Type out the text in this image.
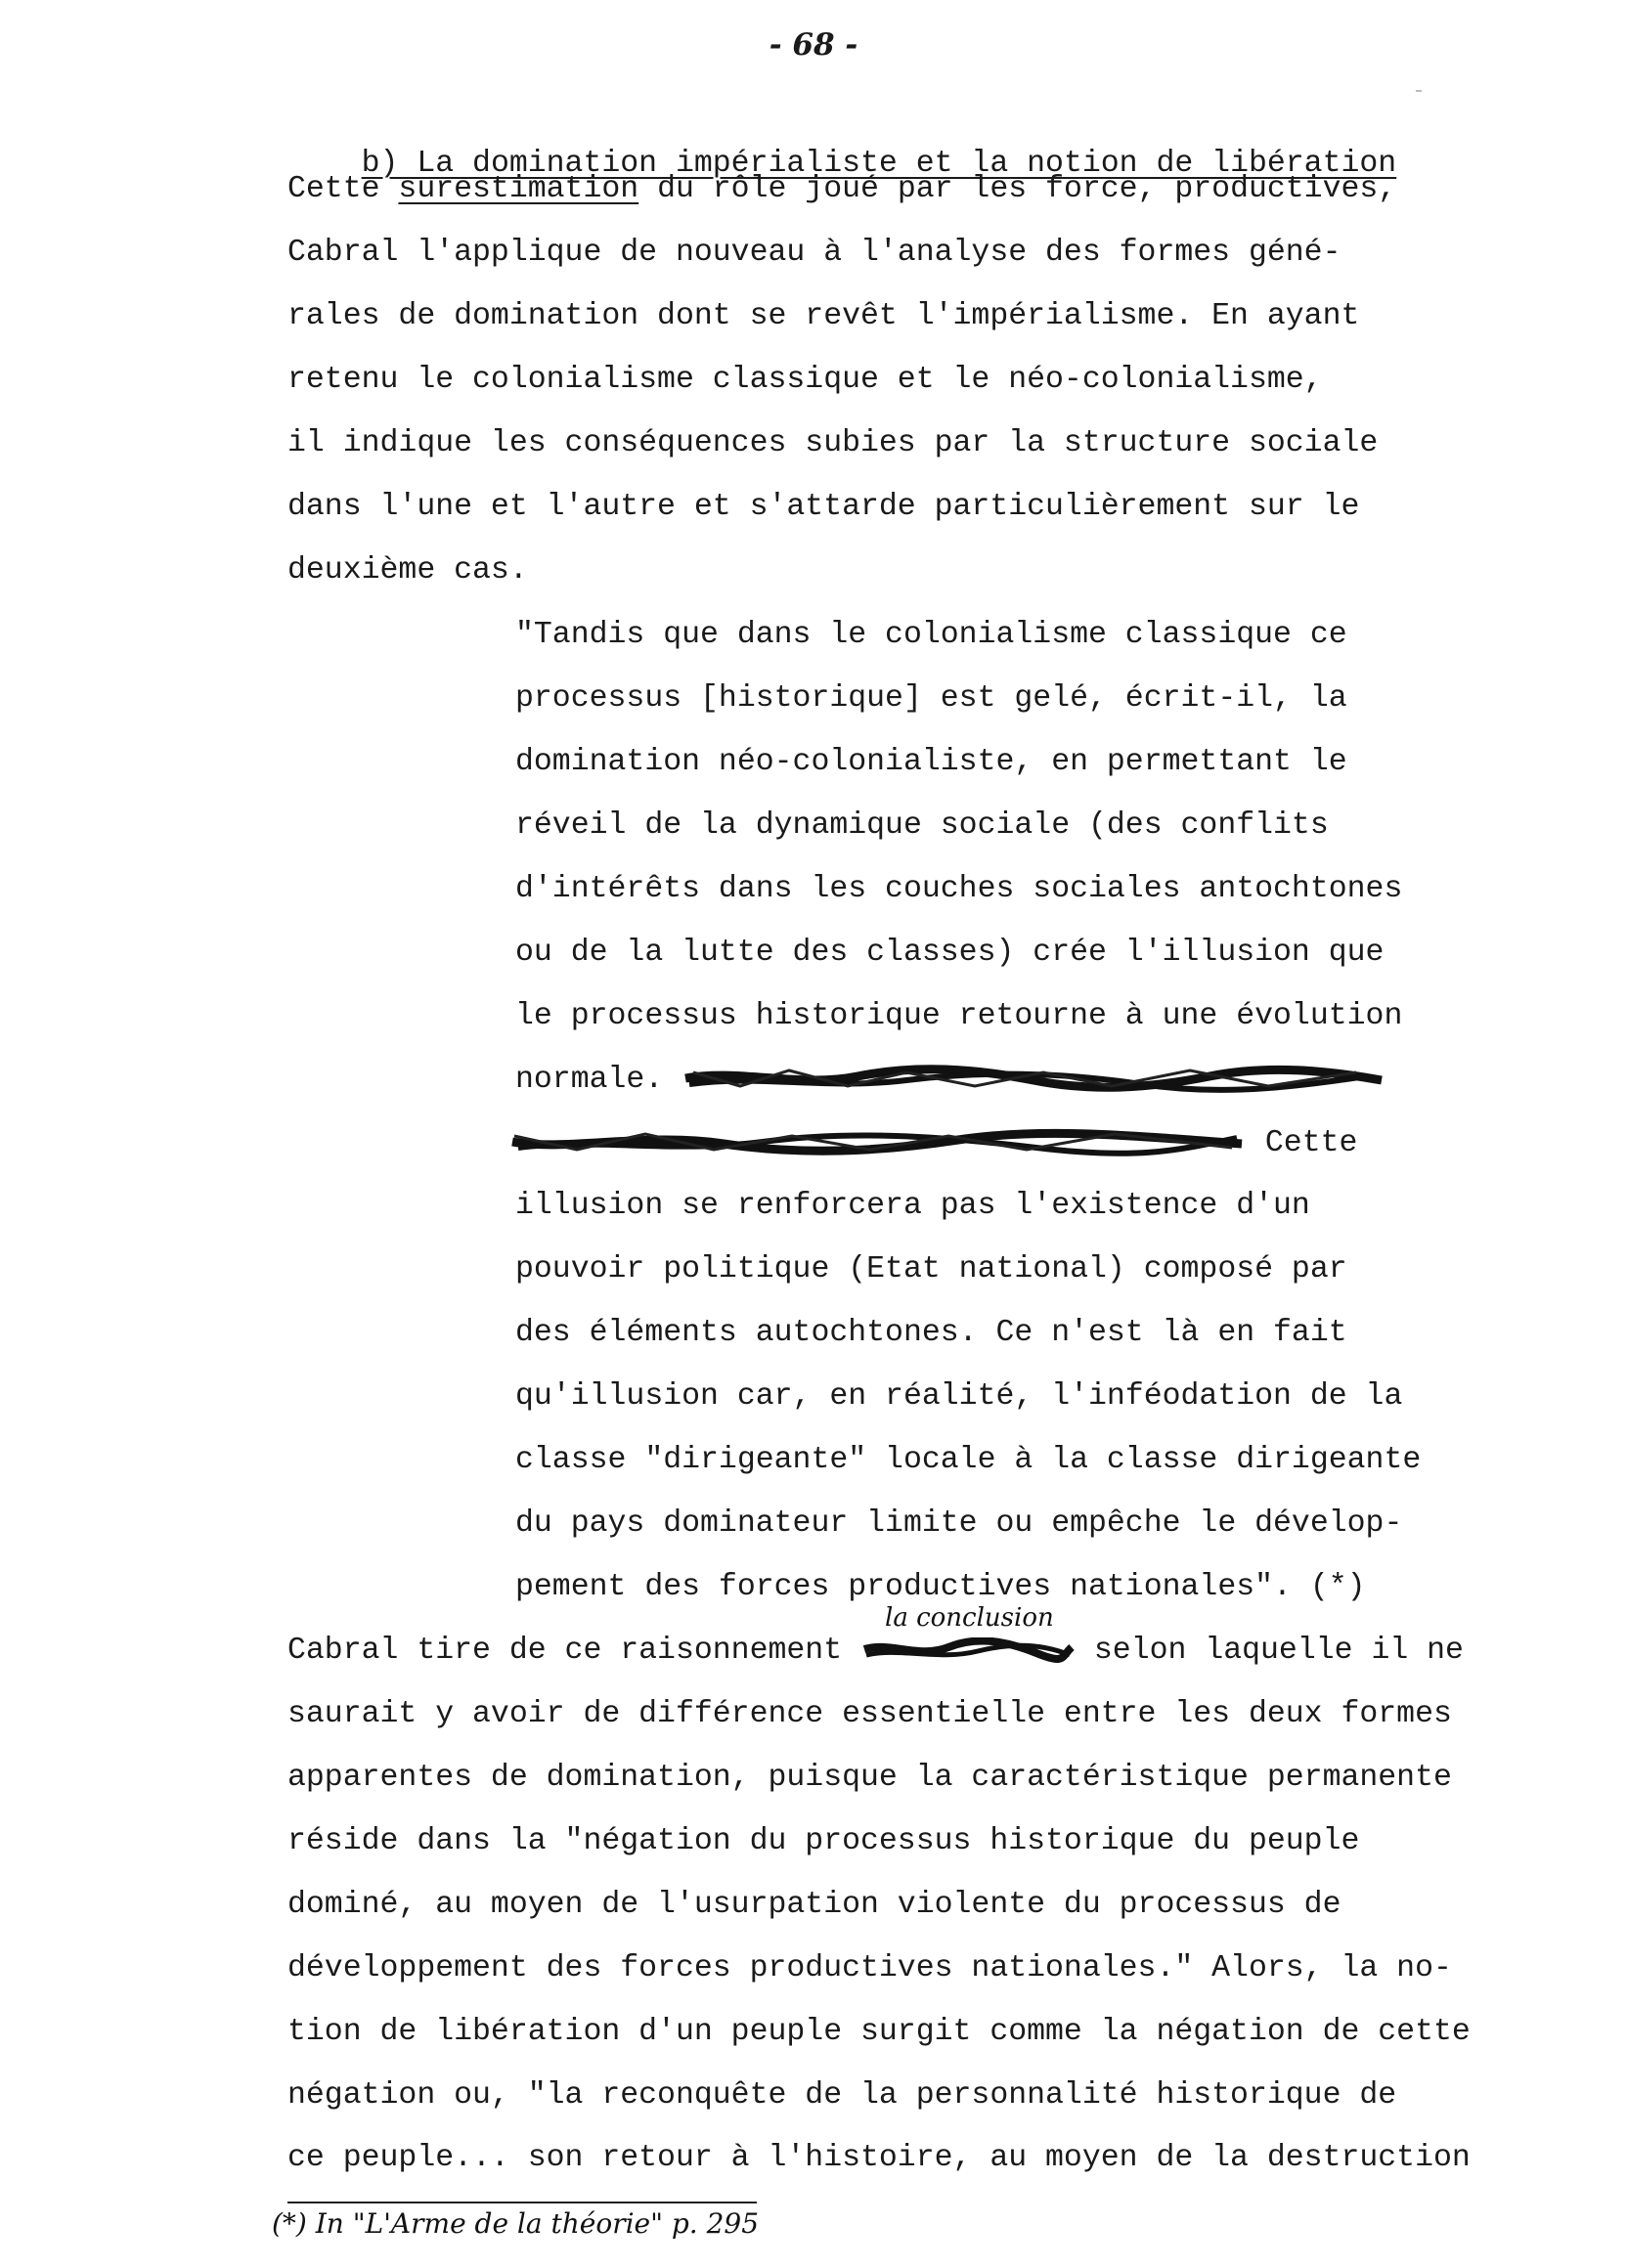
- 68 -

b) La domination impérialiste et la notion de libération

Cette surestimation du rôle joué par les force, productives,
Cabral l'applique de nouveau à l'analyse des formes géné-
rales de domination dont se revêt l'impérialisme. En ayant
retenu le colonialisme classique et le néo-colonialisme,
il indique les conséquences subies par la structure sociale
dans l'une et l'autre et s'attarde particulièrement sur le
deuxième cas.
"Tandis que dans le colonialisme classique ce
processus [historique] est gelé, écrit-il, la
domination néo-colonialiste, en permettant le
réveil de la dynamique sociale (des conflits
d'intérêts dans les couches sociales antochtones
ou de la lutte des classes) crée l'illusion que
le processus historique retourne à une évolution
normale.
Cette
illusion se renforcera pas l'existence d'un
pouvoir politique (Etat national) composé par
des éléments autochtones. Ce n'est là en fait
qu'illusion car, en réalité, l'inféodation de la
classe "dirigeante" locale à la classe dirigeante
du pays dominateur limite ou empêche le dévelop-
pement des forces productives nationales". (*)
la conclusion
Cabral tire de ce raisonnement	selon laquelle il ne
saurait y avoir de différence essentielle entre les deux formes
apparentes de domination, puisque la caractéristique permanente
réside dans la "négation du processus historique du peuple
dominé, au moyen de l'usurpation violente du processus de
développement des forces productives nationales." Alors, la no-
tion de libération d'un peuple surgit comme la négation de cette
négation ou, "la reconquête de la personnalité historique de
ce peuple... son retour à l'histoire, au moyen de la destruction
(*) In "L'Arme de la théorie" p. 295
